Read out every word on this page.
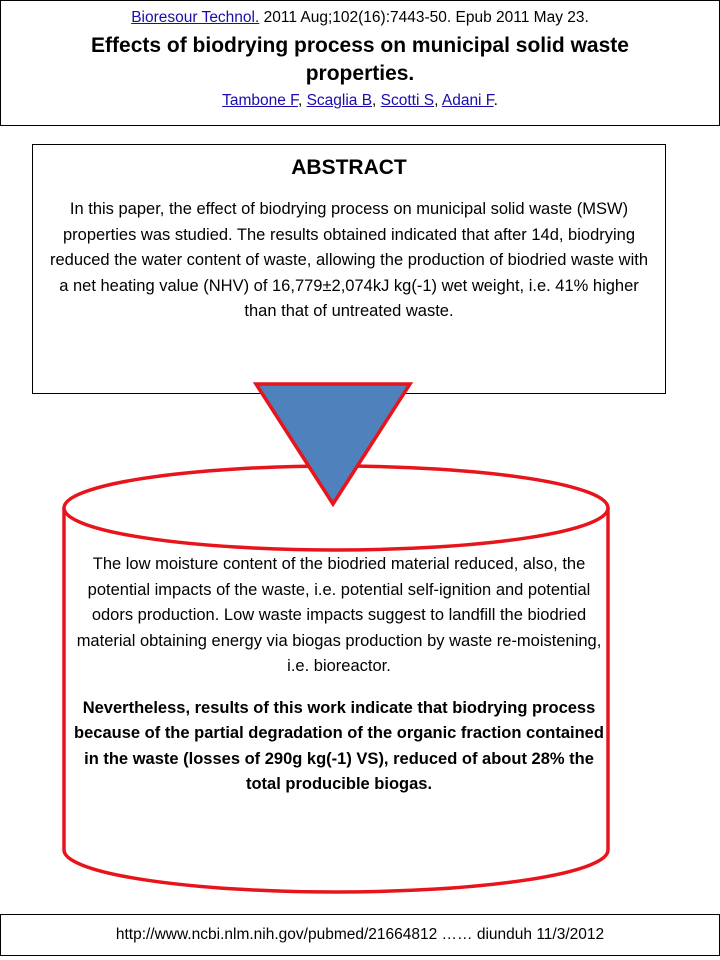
Bioresour Technol. 2011 Aug;102(16):7443-50. Epub 2011 May 23.
Effects of biodrying process on municipal solid waste properties.
Tambone F, Scaglia B, Scotti S, Adani F.
ABSTRACT
In this paper, the effect of biodrying process on municipal solid waste (MSW) properties was studied. The results obtained indicated that after 14d, biodrying reduced the water content of waste, allowing the production of biodried waste with a net heating value (NHV) of 16,779±2,074kJ kg(-1) wet weight, i.e. 41% higher than that of untreated waste.

The low moisture content of the biodried material reduced, also, the potential impacts of the waste, i.e. potential self-ignition and potential odors production. Low waste impacts suggest to landfill the biodried material obtaining energy via biogas production by waste re-moistening, i.e. bioreactor.

Nevertheless, results of this work indicate that biodrying process because of the partial degradation of the organic fraction contained in the waste (losses of 290g kg(-1) VS), reduced of about 28% the total producible biogas.

http://www.ncbi.nlm.nih.gov/pubmed/21664812 …… diunduh 11/3/2012
